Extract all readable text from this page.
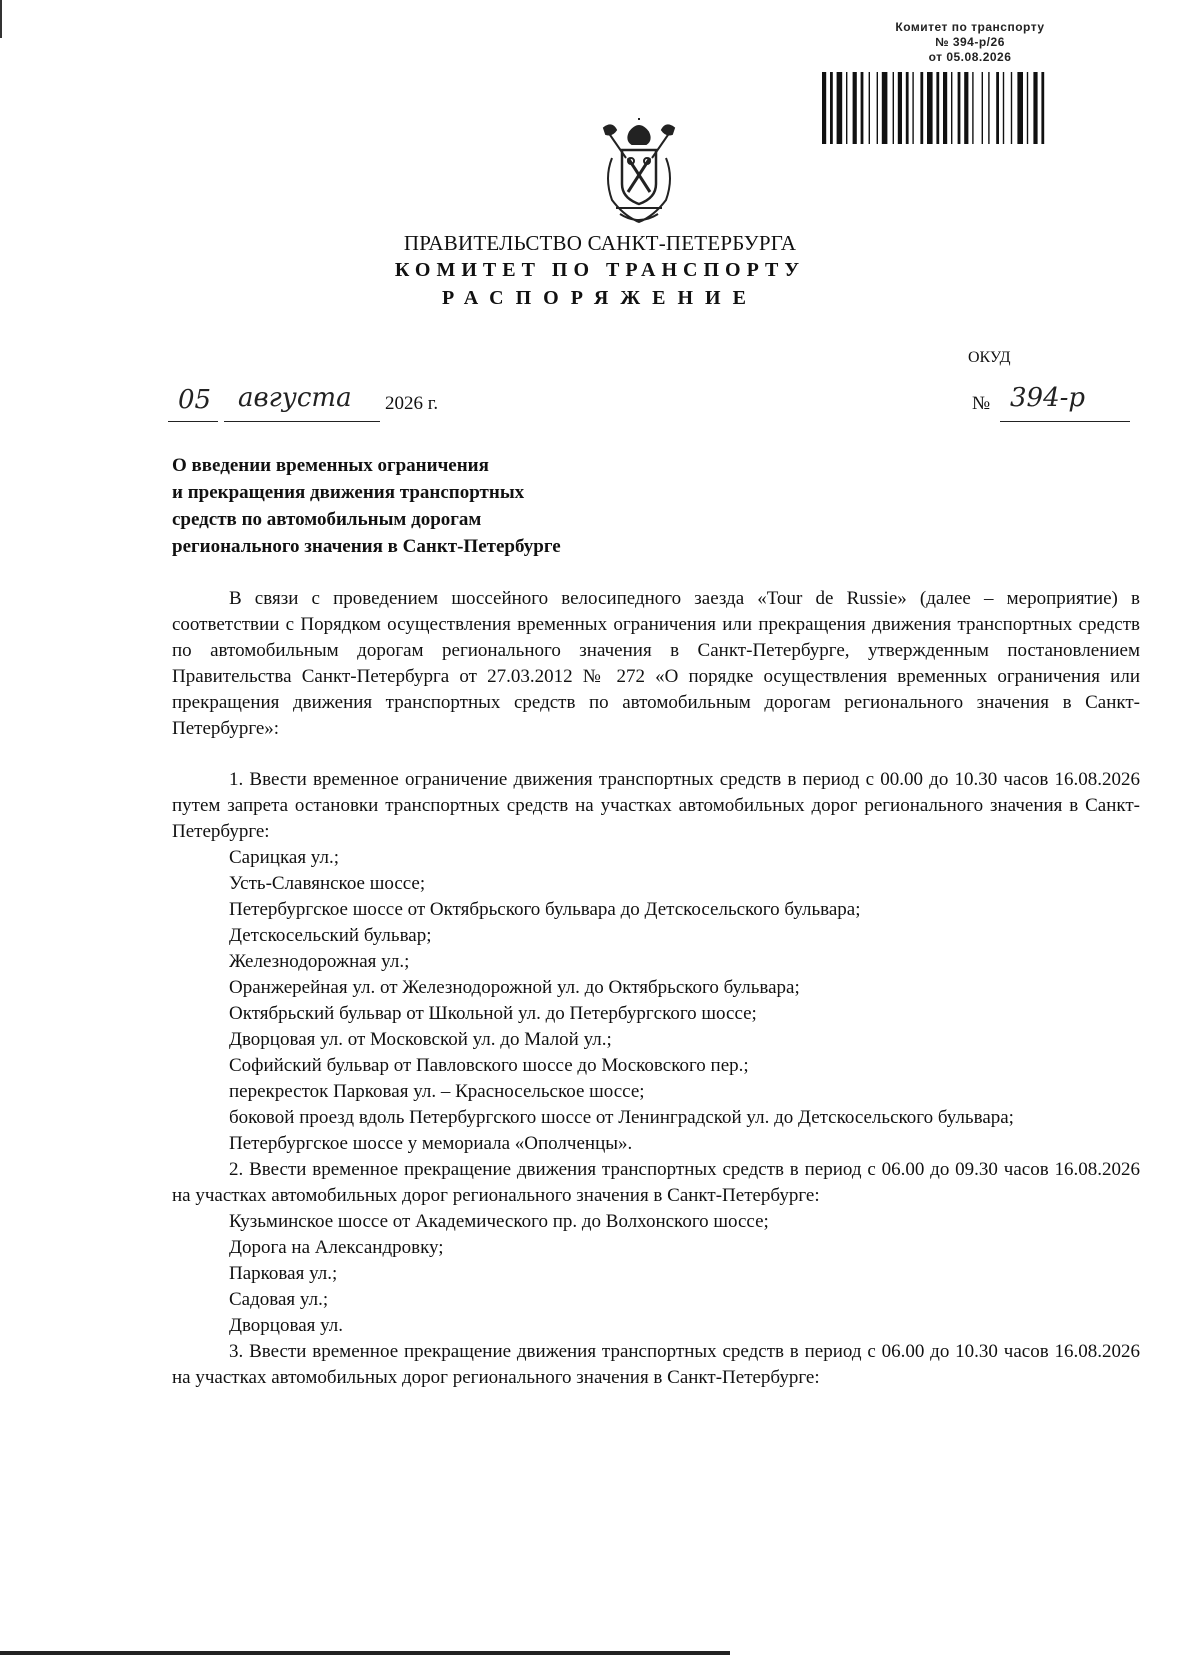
Комитет по транспорту
№ 394-р/26
от 05.08.2026
ПРАВИТЕЛЬСТВО САНКТ-ПЕТЕРБУРГА
КОМИТЕТ ПО ТРАНСПОРТУ
РАСПОРЯЖЕНИЕ
ОКУД
05 августа 2026 г.	№ 394-р
О введении временных ограничения
и прекращения движения транспортных
средств по автомобильным дорогам
регионального значения в Санкт-Петербурге
В связи с проведением шоссейного велосипедного заезда «Tour de Russie» (далее – мероприятие) в соответствии с Порядком осуществления временных ограничения или прекращения движения транспортных средств по автомобильным дорогам регионального значения в Санкт-Петербурге, утвержденным постановлением Правительства Санкт-Петербурга от 27.03.2012 № 272 «О порядке осуществления временных ограничения или прекращения движения транспортных средств по автомобильным дорогам регионального значения в Санкт-Петербурге»:
1. Ввести временное ограничение движения транспортных средств в период с 00.00 до 10.30 часов 16.08.2026 путем запрета остановки транспортных средств на участках автомобильных дорог регионального значения в Санкт-Петербурге:
Сарицкая ул.;
Усть-Славянское шоссе;
Петербургское шоссе от Октябрьского бульвара до Детскосельского бульвара;
Детскосельский бульвар;
Железнодорожная ул.;
Оранжерейная ул. от Железнодорожной ул. до Октябрьского бульвара;
Октябрьский бульвар от Школьной ул. до Петербургского шоссе;
Дворцовая ул. от Московской ул. до Малой ул.;
Софийский бульвар от Павловского шоссе до Московского пер.;
перекресток Парковая ул. – Красносельское шоссе;
боковой проезд вдоль Петербургского шоссе от Ленинградской ул. до Детскосельского бульвара;
Петербургское шоссе у мемориала «Ополченцы».
2. Ввести временное прекращение движения транспортных средств в период с 06.00 до 09.30 часов 16.08.2026 на участках автомобильных дорог регионального значения в Санкт-Петербурге:
Кузьминское шоссе от Академического пр. до Волхонского шоссе;
Дорога на Александровку;
Парковая ул.;
Садовая ул.;
Дворцовая ул.
3. Ввести временное прекращение движения транспортных средств в период с 06.00 до 10.30 часов 16.08.2026 на участках автомобильных дорог регионального значения в Санкт-Петербурге:
